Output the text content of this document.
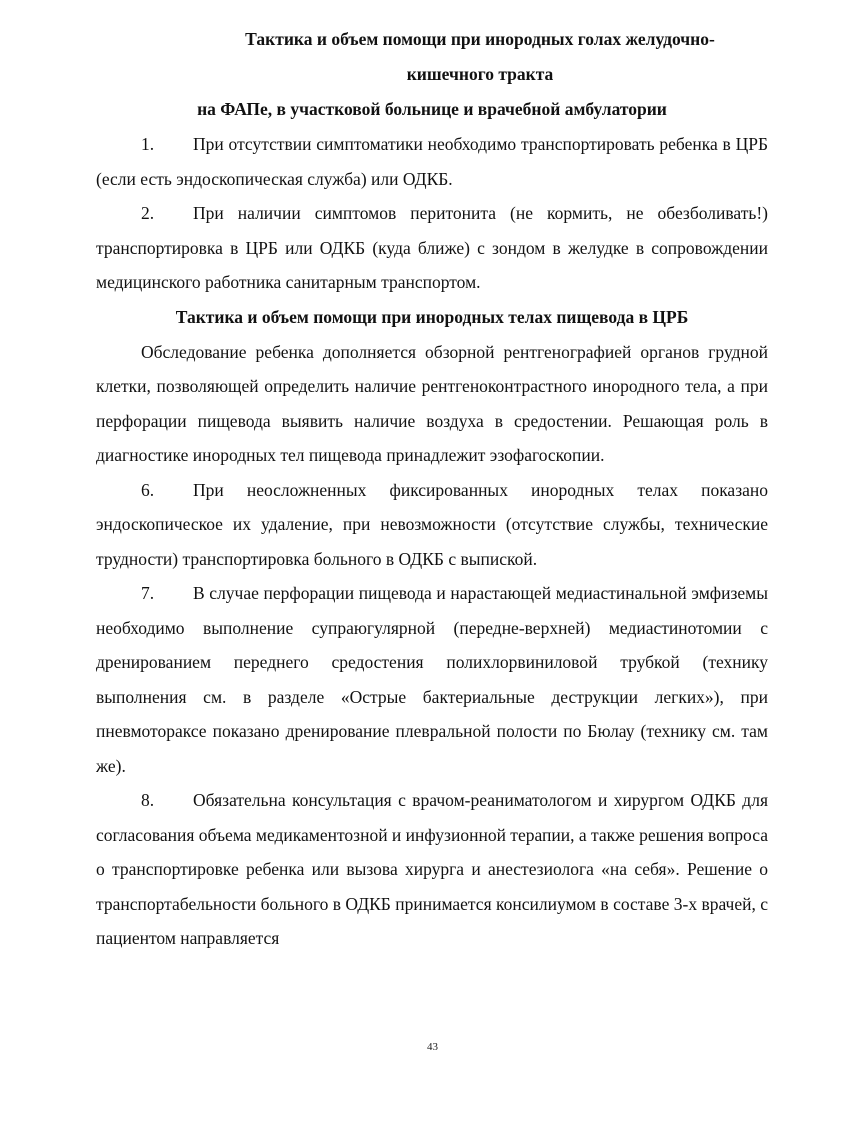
Тактика и объем помощи при инородных голах желудочно-
кишечного тракта
на ФАПе, в участковой больнице и врачебной амбулатории

1. При отсутствии симптоматики необходимо транспортировать ребенка в ЦРБ (если есть эндоскопическая служба) или ОДКБ.

2. При наличии симптомов перитонита (не кормить, не обезболивать!) транспортировка в ЦРБ или ОДКБ (куда ближе) с зондом в желудке в сопровождении медицинского работника санитарным транспортом.

Тактика и объем помощи при инородных телах пищевода в ЦРБ

Обследование ребенка дополняется обзорной рентгенографией органов грудной клетки, позволяющей определить наличие рентгеноконтрастного инородного тела, а при перфорации пищевода выявить наличие воздуха в средостении. Решающая роль в диагностике инородных тел пищевода принадлежит эзофагоскопии.

6. При неосложненных фиксированных инородных телах показано эндоскопическое их удаление, при невозможности (отсутствие службы, технические трудности) транспортировка больного в ОДКБ с выпиской.

7. В случае перфорации пищевода и нарастающей медиастинальной эмфиземы необходимо выполнение супраюгулярной (передне-верхней) медиастинотомии с дренированием переднего средостения полихлорвиниловой трубкой (технику выполнения см. в разделе «Острые бактериальные деструкции легких»), при пневмотораксе показано дренирование плевральной полости по Бюлау (технику см. там же).

8. Обязательна консультация с врачом-реаниматологом и хирургом ОДКБ для согласования объема медикаментозной и инфузионной терапии, а также решения вопроса о транспортировке ребенка или вызова хирурга и анестезиолога «на себя». Решение о транспортабельности больного в ОДКБ принимается консилиумом в составе 3-х врачей, с пациентом направляется

43
